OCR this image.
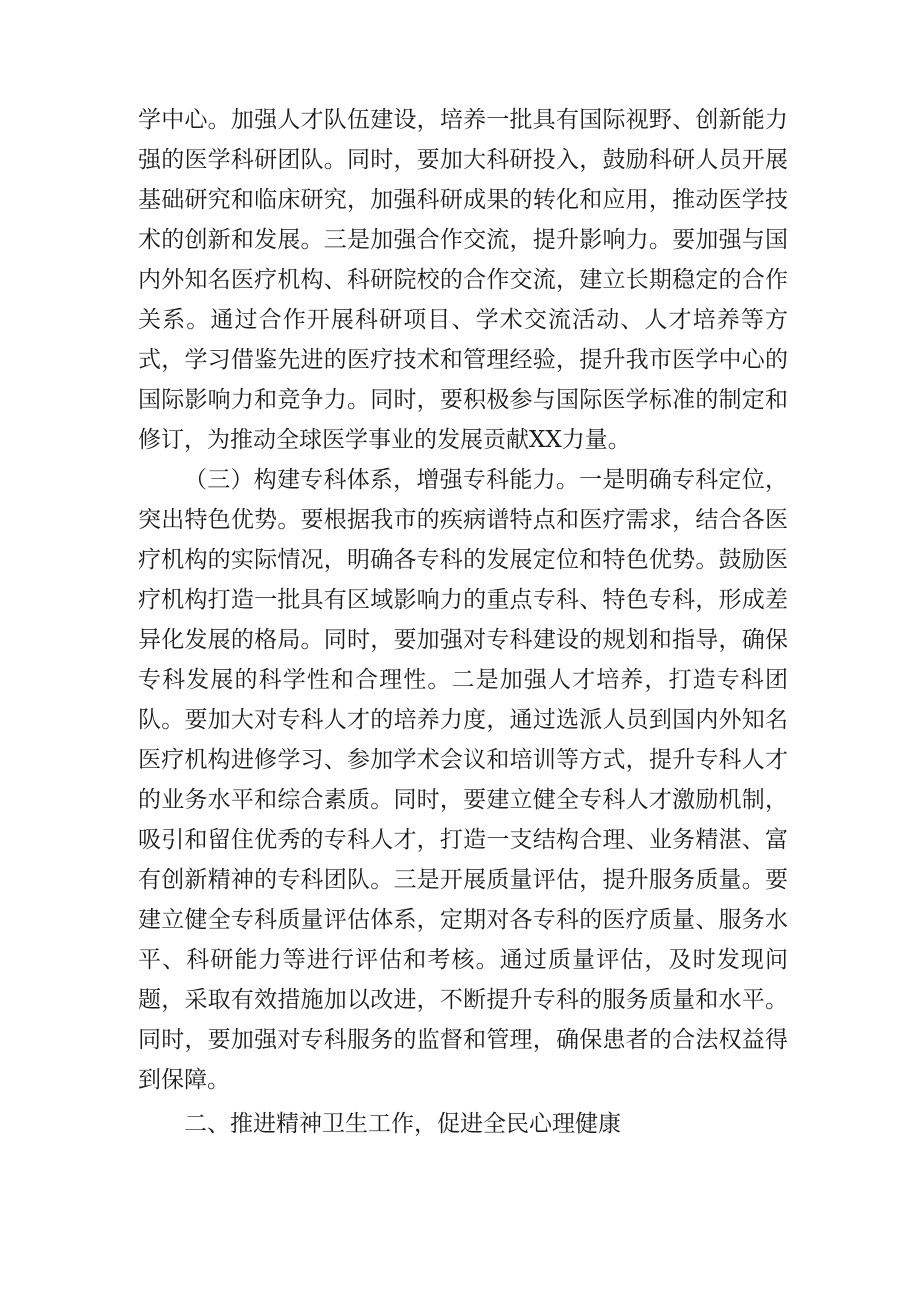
学中心。加强人才队伍建设，培养一批具有国际视野、创新能力强的医学科研团队。同时，要加大科研投入，鼓励科研人员开展基础研究和临床研究，加强科研成果的转化和应用，推动医学技术的创新和发展。三是加强合作交流，提升影响力。要加强与国内外知名医疗机构、科研院校的合作交流，建立长期稳定的合作关系。通过合作开展科研项目、学术交流活动、人才培养等方式，学习借鉴先进的医疗技术和管理经验，提升我市医学中心的国际影响力和竞争力。同时，要积极参与国际医学标准的制定和修订，为推动全球医学事业的发展贡献XX力量。

（三）构建专科体系，增强专科能力。一是明确专科定位，突出特色优势。要根据我市的疾病谱特点和医疗需求，结合各医疗机构的实际情况，明确各专科的发展定位和特色优势。鼓励医疗机构打造一批具有区域影响力的重点专科、特色专科，形成差异化发展的格局。同时，要加强对专科建设的规划和指导，确保专科发展的科学性和合理性。二是加强人才培养，打造专科团队。要加大对专科人才的培养力度，通过选派人员到国内外知名医疗机构进修学习、参加学术会议和培训等方式，提升专科人才的业务水平和综合素质。同时，要建立健全专科人才激励机制，吸引和留住优秀的专科人才，打造一支结构合理、业务精湛、富有创新精神的专科团队。三是开展质量评估，提升服务质量。要建立健全专科质量评估体系，定期对各专科的医疗质量、服务水平、科研能力等进行评估和考核。通过质量评估，及时发现问题，采取有效措施加以改进，不断提升专科的服务质量和水平。同时，要加强对专科服务的监督和管理，确保患者的合法权益得到保障。

二、推进精神卫生工作，促进全民心理健康
